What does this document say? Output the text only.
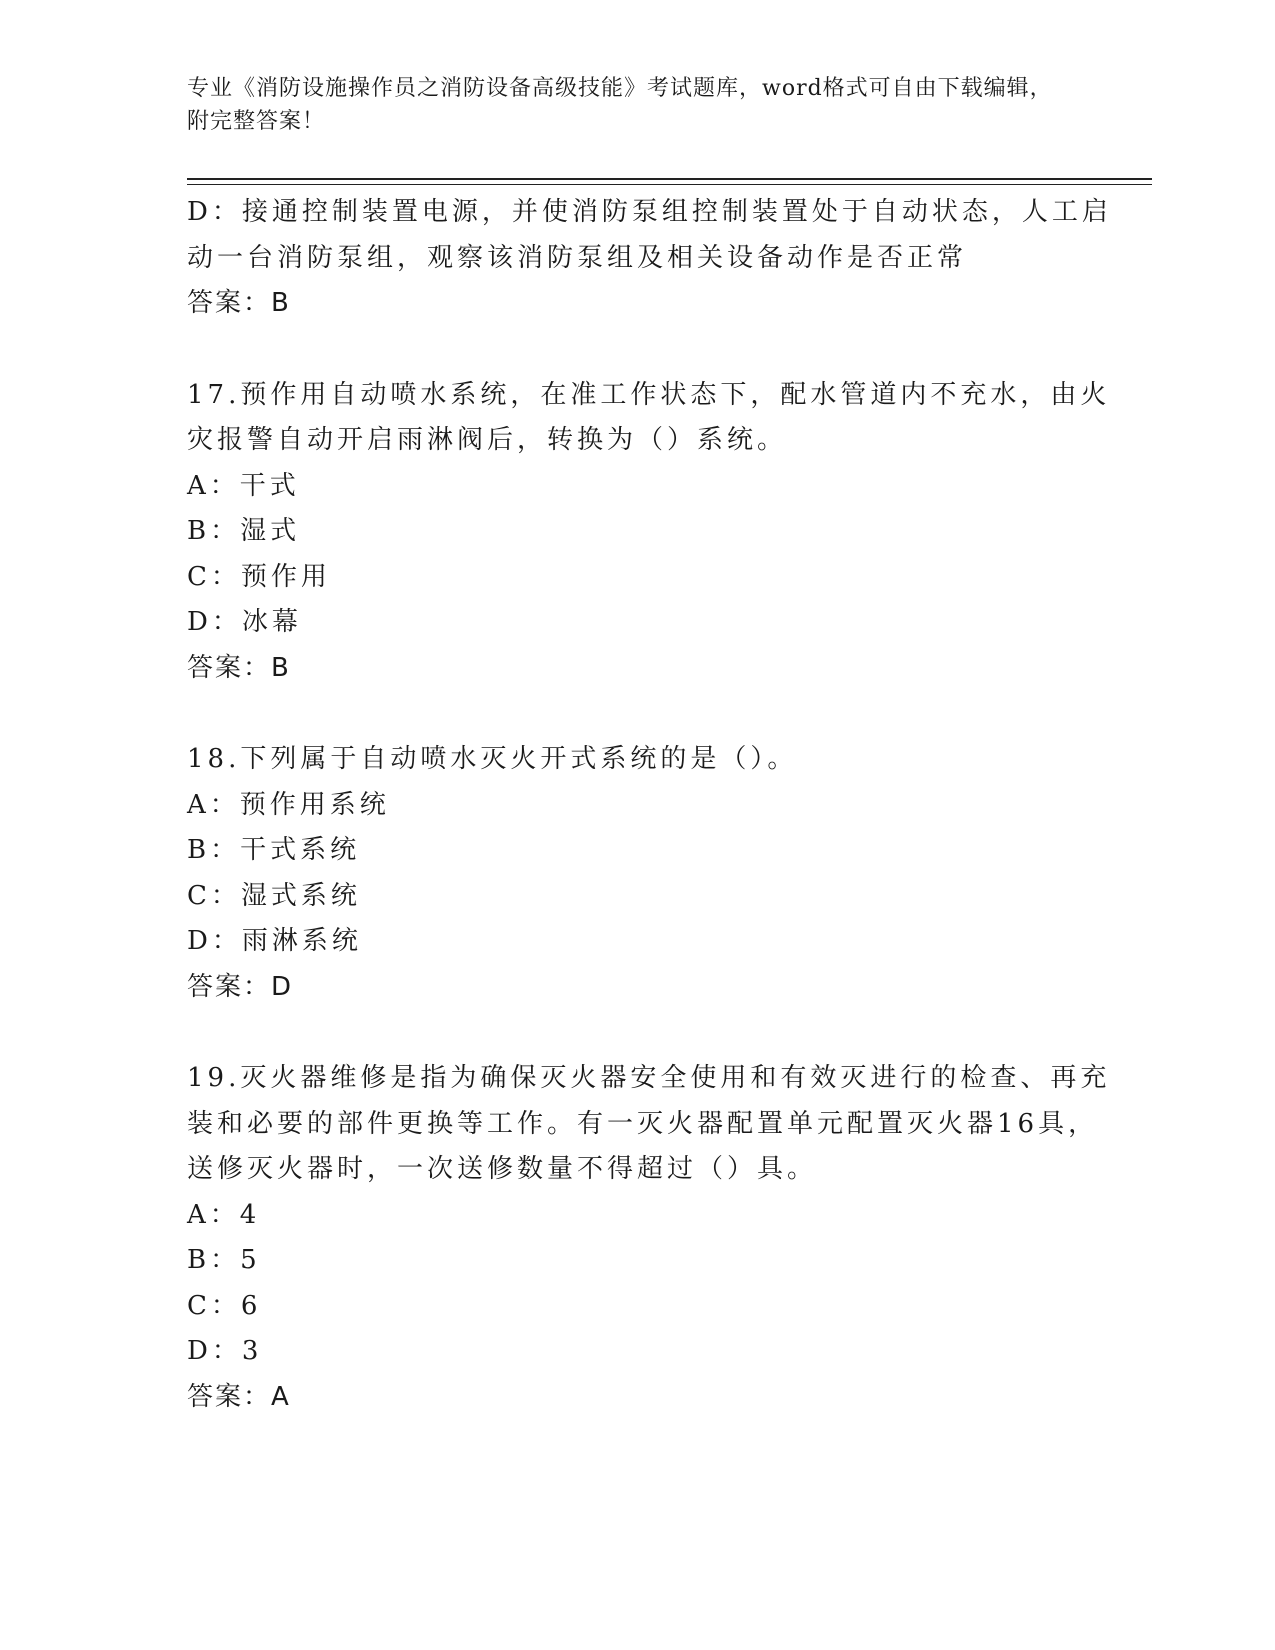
专业《消防设施操作员之消防设备高级技能》考试题库，word格式可自由下载编辑，附完整答案！
D：接通控制装置电源，并使消防泵组控制装置处于自动状态，人工启
动一台消防泵组，观察该消防泵组及相关设备动作是否正常
答案：B
17.预作用自动喷水系统，在准工作状态下，配水管道内不充水，由火
灾报警自动开启雨淋阀后，转换为（）系统。
A：干式
B：湿式
C：预作用
D：冰幕
答案：B
18.下列属于自动喷水灭火开式系统的是（）。
A：预作用系统
B：干式系统
C：湿式系统
D：雨淋系统
答案：D
19.灭火器维修是指为确保灭火器安全使用和有效灭进行的检查、再充
装和必要的部件更换等工作。有一灭火器配置单元配置灭火器16具，
送修灭火器时，一次送修数量不得超过（）具。
A：4
B：5
C：6
D：3
答案：A
